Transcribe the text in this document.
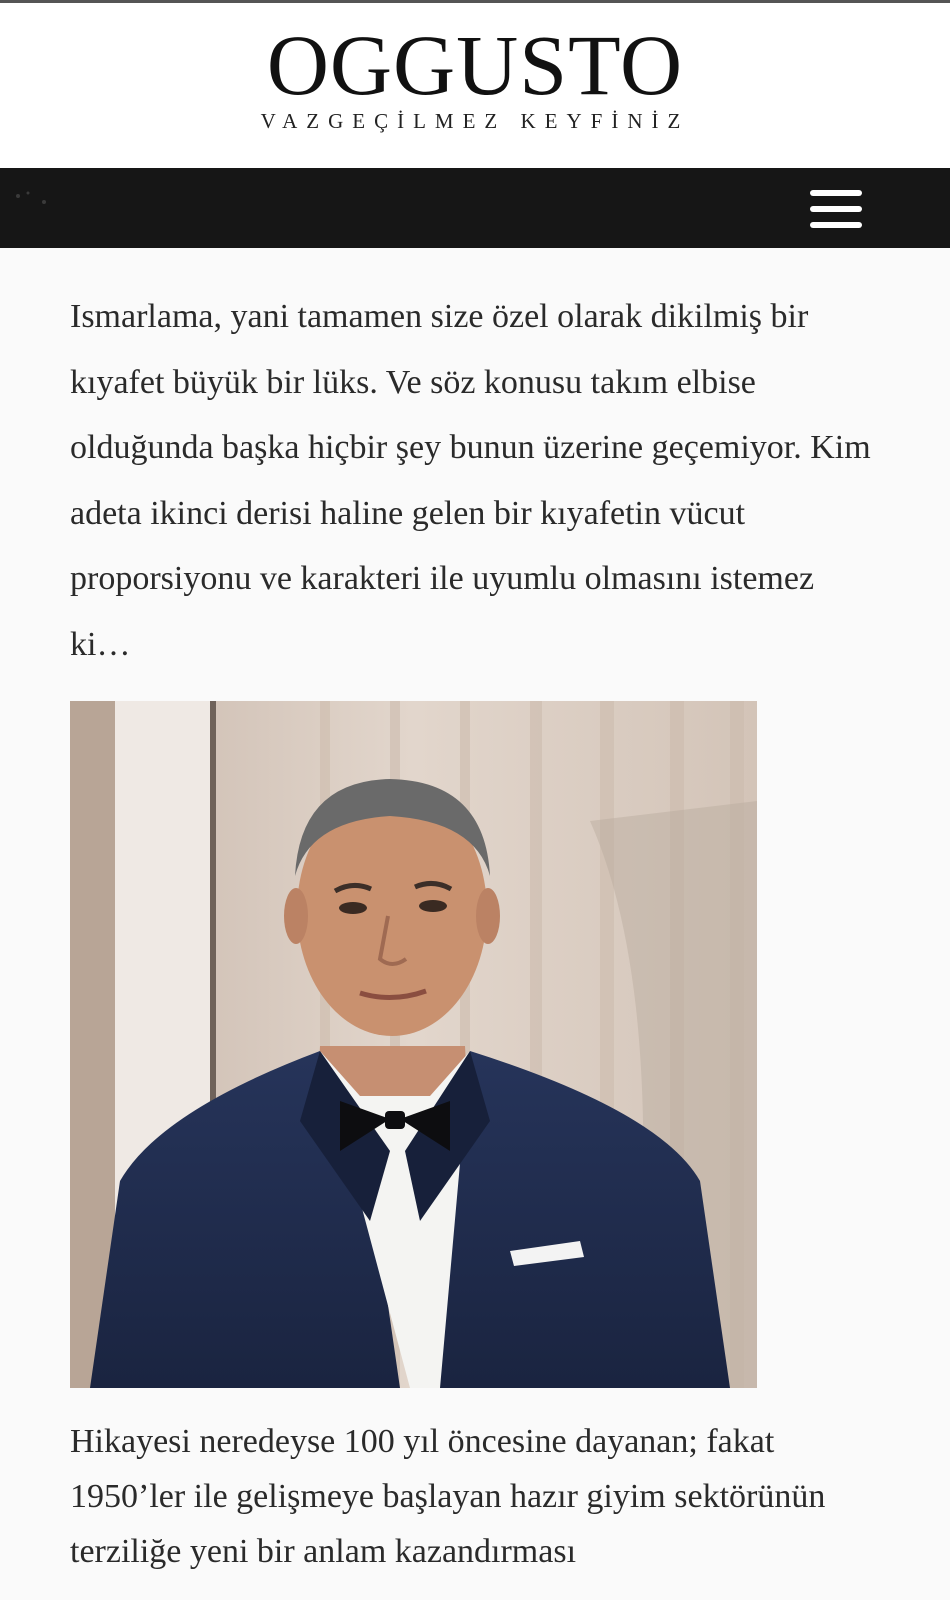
OGGUSTO
VAZGEÇİLMEZ KEYFİNİZ

Ismarlama, yani tamamen size özel olarak dikilmiş bir kıyafet büyük bir lüks. Ve söz konusu takım elbise olduğunda başka hiçbir şey bunun üzerine geçemiyor. Kim adeta ikinci derisi haline gelen bir kıyafetin vücut proporsiyonu ve karakteri ile uyumlu olmasını istemez ki…

Hikayesi neredeyse 100 yıl öncesine dayanan; fakat 1950’ler ile gelişmeye başlayan hazır giyim sektörünün terziliğe yeni bir anlam kazandırması
